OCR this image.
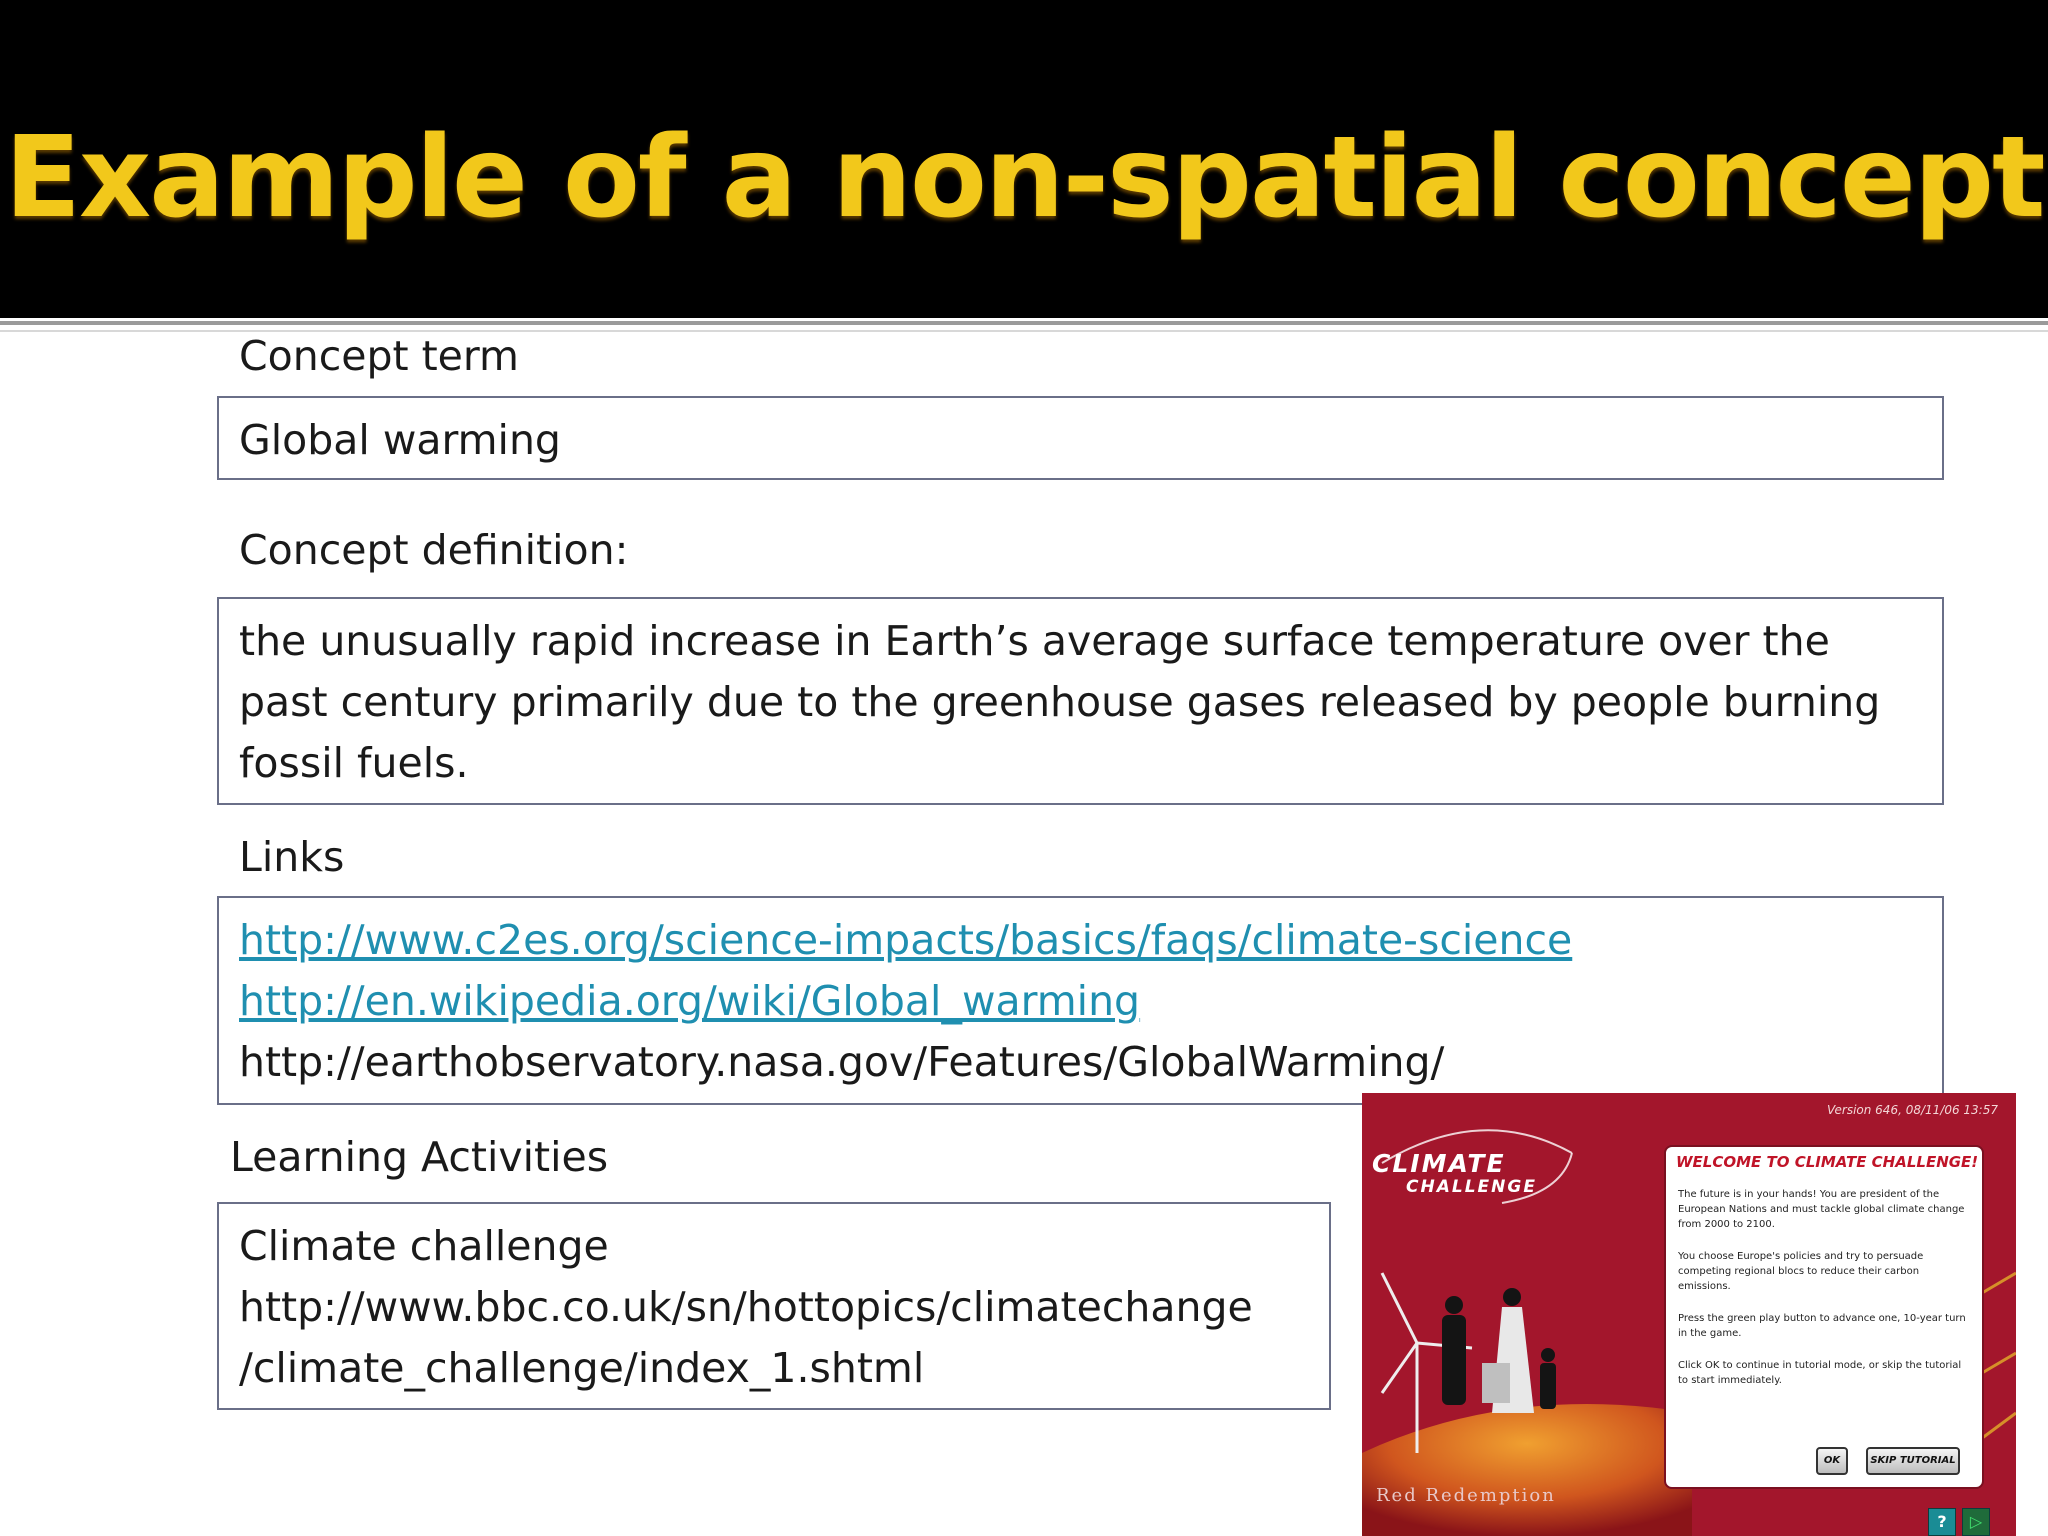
Example of a non-spatial concept
Concept term
Global warming
Concept definition:
the unusually rapid increase in Earth’s average surface temperature over the
past century primarily due to the greenhouse gases released by people burning
fossil fuels.
Links
http://www.c2es.org/science-impacts/basics/faqs/climate-science
http://en.wikipedia.org/wiki/Global_warming
http://earthobservatory.nasa.gov/Features/GlobalWarming/
Learning Activities
Climate challenge
http://www.bbc.co.uk/sn/hottopics/climatechange
/climate_challenge/index_1.shtml
Version 646, 08/11/06 13:57
CLIMATE
CHALLENGE
WELCOME TO CLIMATE CHALLENGE!
The future is in your hands! You are president of the European Nations and must tackle global climate change from 2000 to 2100.
You choose Europe's policies and try to persuade competing regional blocs to reduce their carbon emissions.
Press the green play button to advance one, 10-year turn in the game.
Click OK to continue in tutorial mode, or skip the tutorial to start immediately.
OK	SKIP TUTORIAL
Red Redemption
?	▷
